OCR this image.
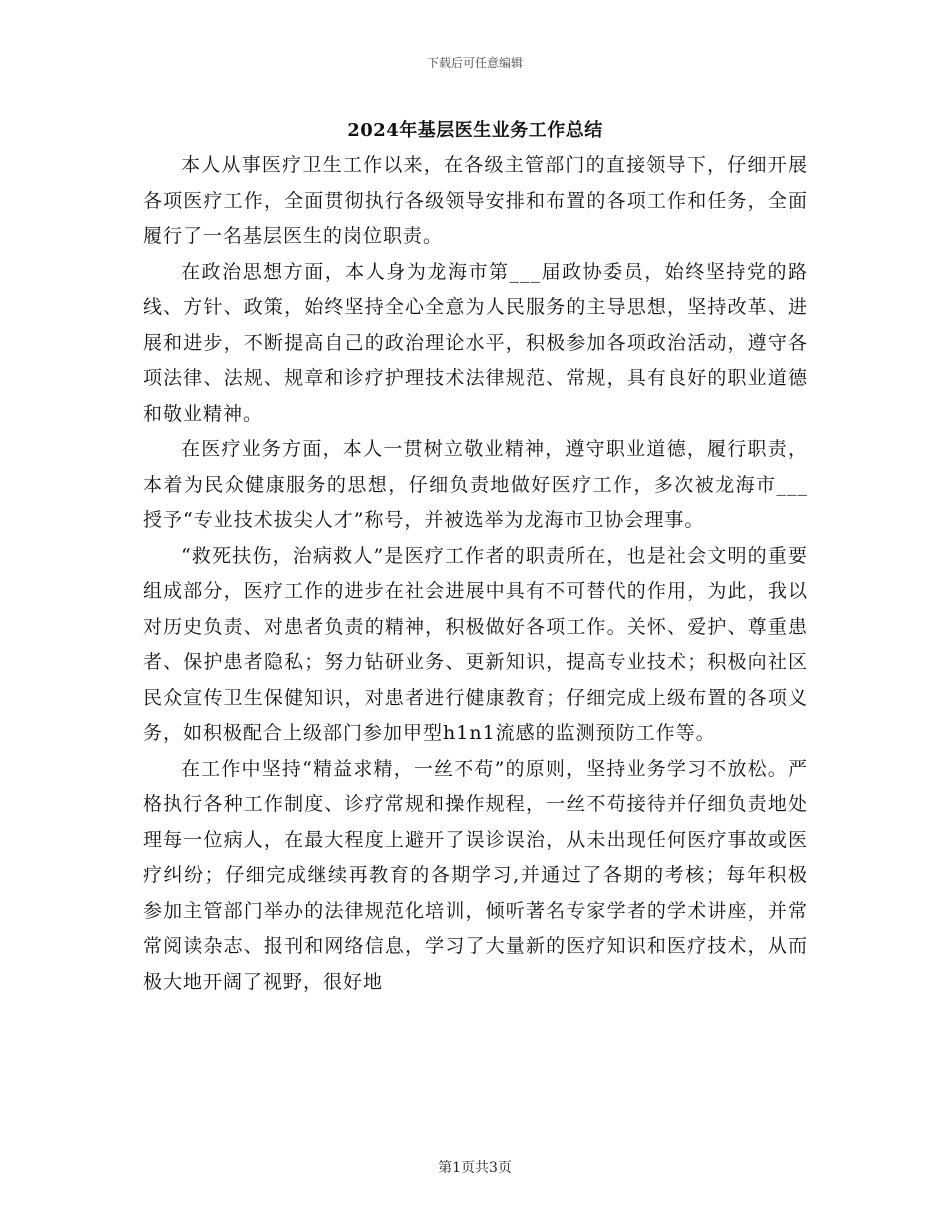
下载后可任意编辑
2024年基层医生业务工作总结

本人从事医疗卫生工作以来，在各级主管部门的直接领导下，仔细开展各项医疗工作，全面贯彻执行各级领导安排和布置的各项工作和任务，全面履行了一名基层医生的岗位职责。

在政治思想方面，本人身为龙海市第___届政协委员，始终坚持党的路线、方针、政策，始终坚持全心全意为人民服务的主导思想，坚持改革、进展和进步，不断提高自己的政治理论水平，积极参加各项政治活动，遵守各项法律、法规、规章和诊疗护理技术法律规范、常规，具有良好的职业道德和敬业精神。

在医疗业务方面，本人一贯树立敬业精神，遵守职业道德，履行职责，本着为民众健康服务的思想，仔细负责地做好医疗工作，多次被龙海市___授予“专业技术拔尖人才”称号，并被选举为龙海市卫协会理事。

“救死扶伤，治病救人”是医疗工作者的职责所在，也是社会文明的重要组成部分，医疗工作的进步在社会进展中具有不可替代的作用，为此，我以对历史负责、对患者负责的精神，积极做好各项工作。关怀、爱护、尊重患者、保护患者隐私；努力钻研业务、更新知识，提高专业技术；积极向社区民众宣传卫生保健知识，对患者进行健康教育；仔细完成上级布置的各项义务，如积极配合上级部门参加甲型h1n1流感的监测预防工作等。

在工作中坚持“精益求精，一丝不苟”的原则，坚持业务学习不放松。严格执行各种工作制度、诊疗常规和操作规程，一丝不苟接待并仔细负责地处理每一位病人，在最大程度上避开了误诊误治，从未出现任何医疗事故或医疗纠纷；仔细完成继续再教育的各期学习,并通过了各期的考核；每年积极参加主管部门举办的法律规范化培训，倾听著名专家学者的学术讲座，并常常阅读杂志、报刊和网络信息，学习了大量新的医疗知识和医疗技术，从而极大地开阔了视野，很好地

第1页共3页
